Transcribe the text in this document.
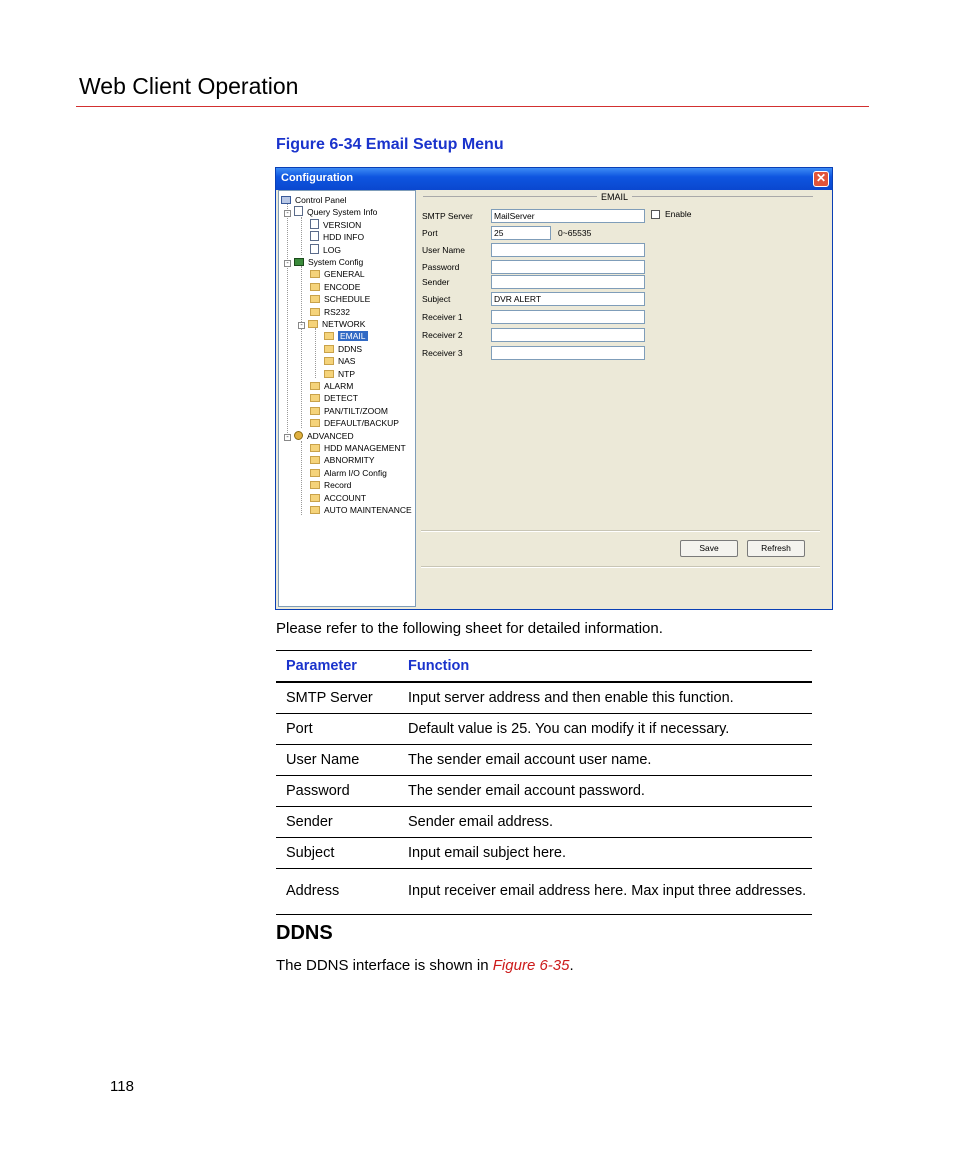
Web Client Operation
Figure 6-34 Email Setup Menu
Configuration	✕
Control Panel
- Query System Info
VERSION
HDD INFO
LOG
- System Config
GENERAL
ENCODE
SCHEDULE
RS232
- NETWORK
EMAIL
DDNS
NAS
NTP
ALARM
DETECT
PAN/TILT/ZOOM
DEFAULT/BACKUP
- ADVANCED
HDD MANAGEMENT
ABNORMITY
Alarm I/O Config
Record
ACCOUNT
AUTO MAINTENANCE
EMAIL
SMTP Server	MailServer	Enable
Port	25	0~65535
User Name
Password
Sender
Subject	DVR ALERT
Receiver 1
Receiver 2
Receiver 3
Save	Refresh
Please refer to the following sheet for detailed information.
Parameter	Function
SMTP Server	Input server address and then enable this function.
Port	Default value is 25. You can modify it if necessary.
User Name	The sender email account user name.
Password	The sender email account password.
Sender	Sender email address.
Subject	Input email subject here.
Address	Input receiver email address here. Max input three addresses.
DDNS
The DDNS interface is shown in Figure 6-35.
118
